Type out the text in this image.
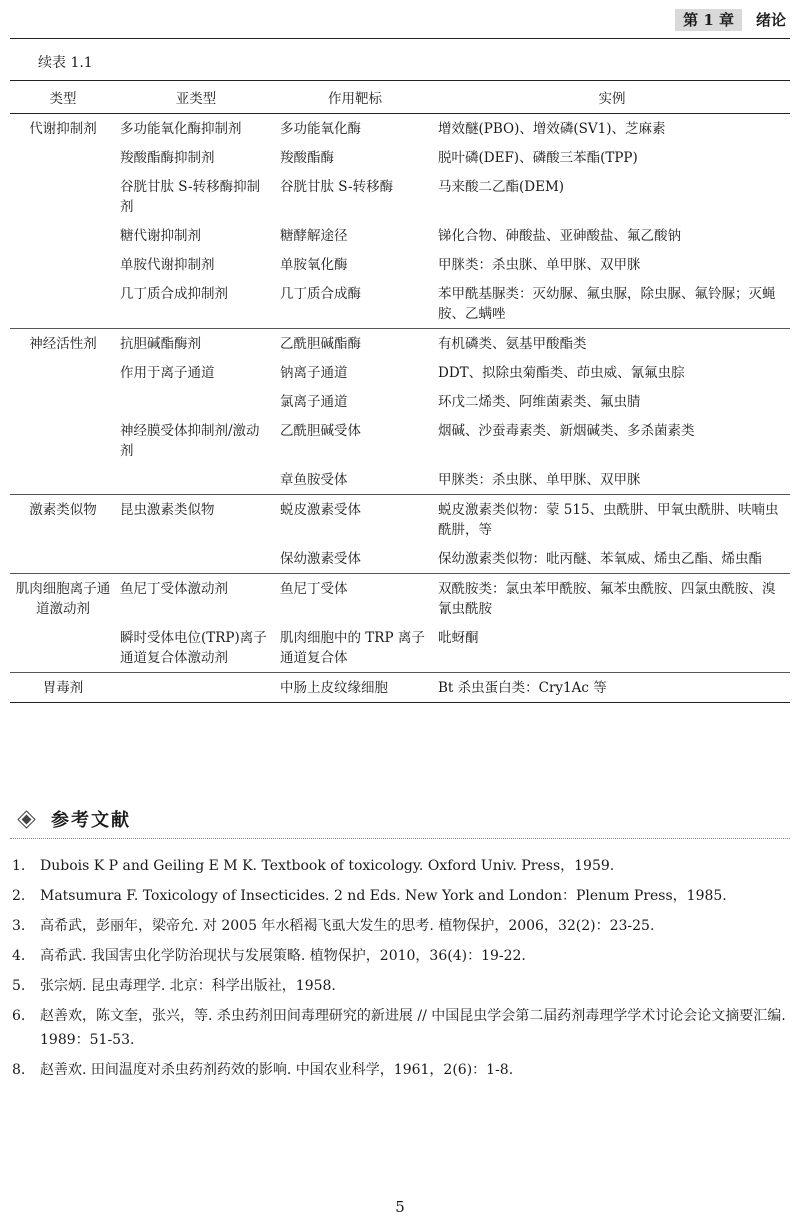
第 1 章 绪论
续表 1.1
类型	亚类型	作用靶标	实例
代谢抑制剂	多功能氧化酶抑制剂	多功能氧化酶	增效醚(PBO)、增效磷(SV1)、芝麻素
	羧酸酯酶抑制剂	羧酸酯酶	脱叶磷(DEF)、磷酸三苯酯(TPP)
	谷胱甘肽 S-转移酶抑制剂	谷胱甘肽 S-转移酶	马来酸二乙酯(DEM)
	糖代谢抑制剂	糖酵解途径	锑化合物、砷酸盐、亚砷酸盐、氟乙酸钠
	单胺代谢抑制剂	单胺氧化酶	甲脒类：杀虫脒、单甲脒、双甲脒
	几丁质合成抑制剂	几丁质合成酶	苯甲酰基脲类：灭幼脲、氟虫脲，除虫脲、氟铃脲；灭蝇胺、乙螨唑
神经活性剂	抗胆碱酯酶剂	乙酰胆碱酯酶	有机磷类、氨基甲酸酯类
	作用于离子通道	钠离子通道	DDT、拟除虫菊酯类、茚虫威、氰氟虫腙
		氯离子通道	环戊二烯类、阿维菌素类、氟虫腈
	神经膜受体抑制剂/激动剂	乙酰胆碱受体	烟碱、沙蚕毒素类、新烟碱类、多杀菌素类
		章鱼胺受体	甲脒类：杀虫脒、单甲脒、双甲脒
激素类似物	昆虫激素类似物	蜕皮激素受体	蜕皮激素类似物：蒙 515、虫酰肼、甲氧虫酰肼、呋喃虫酰肼，等
		保幼激素受体	保幼激素类似物：吡丙醚、苯氧威、烯虫乙酯、烯虫酯
肌肉细胞离子通道激动剂	鱼尼丁受体激动剂	鱼尼丁受体	双酰胺类：氯虫苯甲酰胺、氟苯虫酰胺、四氯虫酰胺、溴氰虫酰胺
	瞬时受体电位(TRP)离子通道复合体激动剂	肌肉细胞中的 TRP 离子通道复合体	吡蚜酮
胃毒剂		中肠上皮纹缘细胞	Bt 杀虫蛋白类：Cry1Ac 等
参考文献
1.	Dubois K P and Geiling E M K. Textbook of toxicology. Oxford Univ. Press，1959.
2.	Matsumura F. Toxicology of Insecticides. 2 nd Eds. New York and London：Plenum Press，1985.
3.	高希武，彭丽年，梁帝允. 对 2005 年水稻褐飞虱大发生的思考. 植物保护，2006，32(2)：23-25.
4.	高希武. 我国害虫化学防治现状与发展策略. 植物保护，2010，36(4)：19-22.
5.	张宗炳. 昆虫毒理学. 北京：科学出版社，1958.
6.	赵善欢，陈文奎，张兴，等. 杀虫药剂田间毒理研究的新进展 // 中国昆虫学会第二届药剂毒理学学术讨论会论文摘要汇编. 1989：51-53.
8.	赵善欢. 田间温度对杀虫药剂药效的影响. 中国农业科学，1961，2(6)：1-8.
5
